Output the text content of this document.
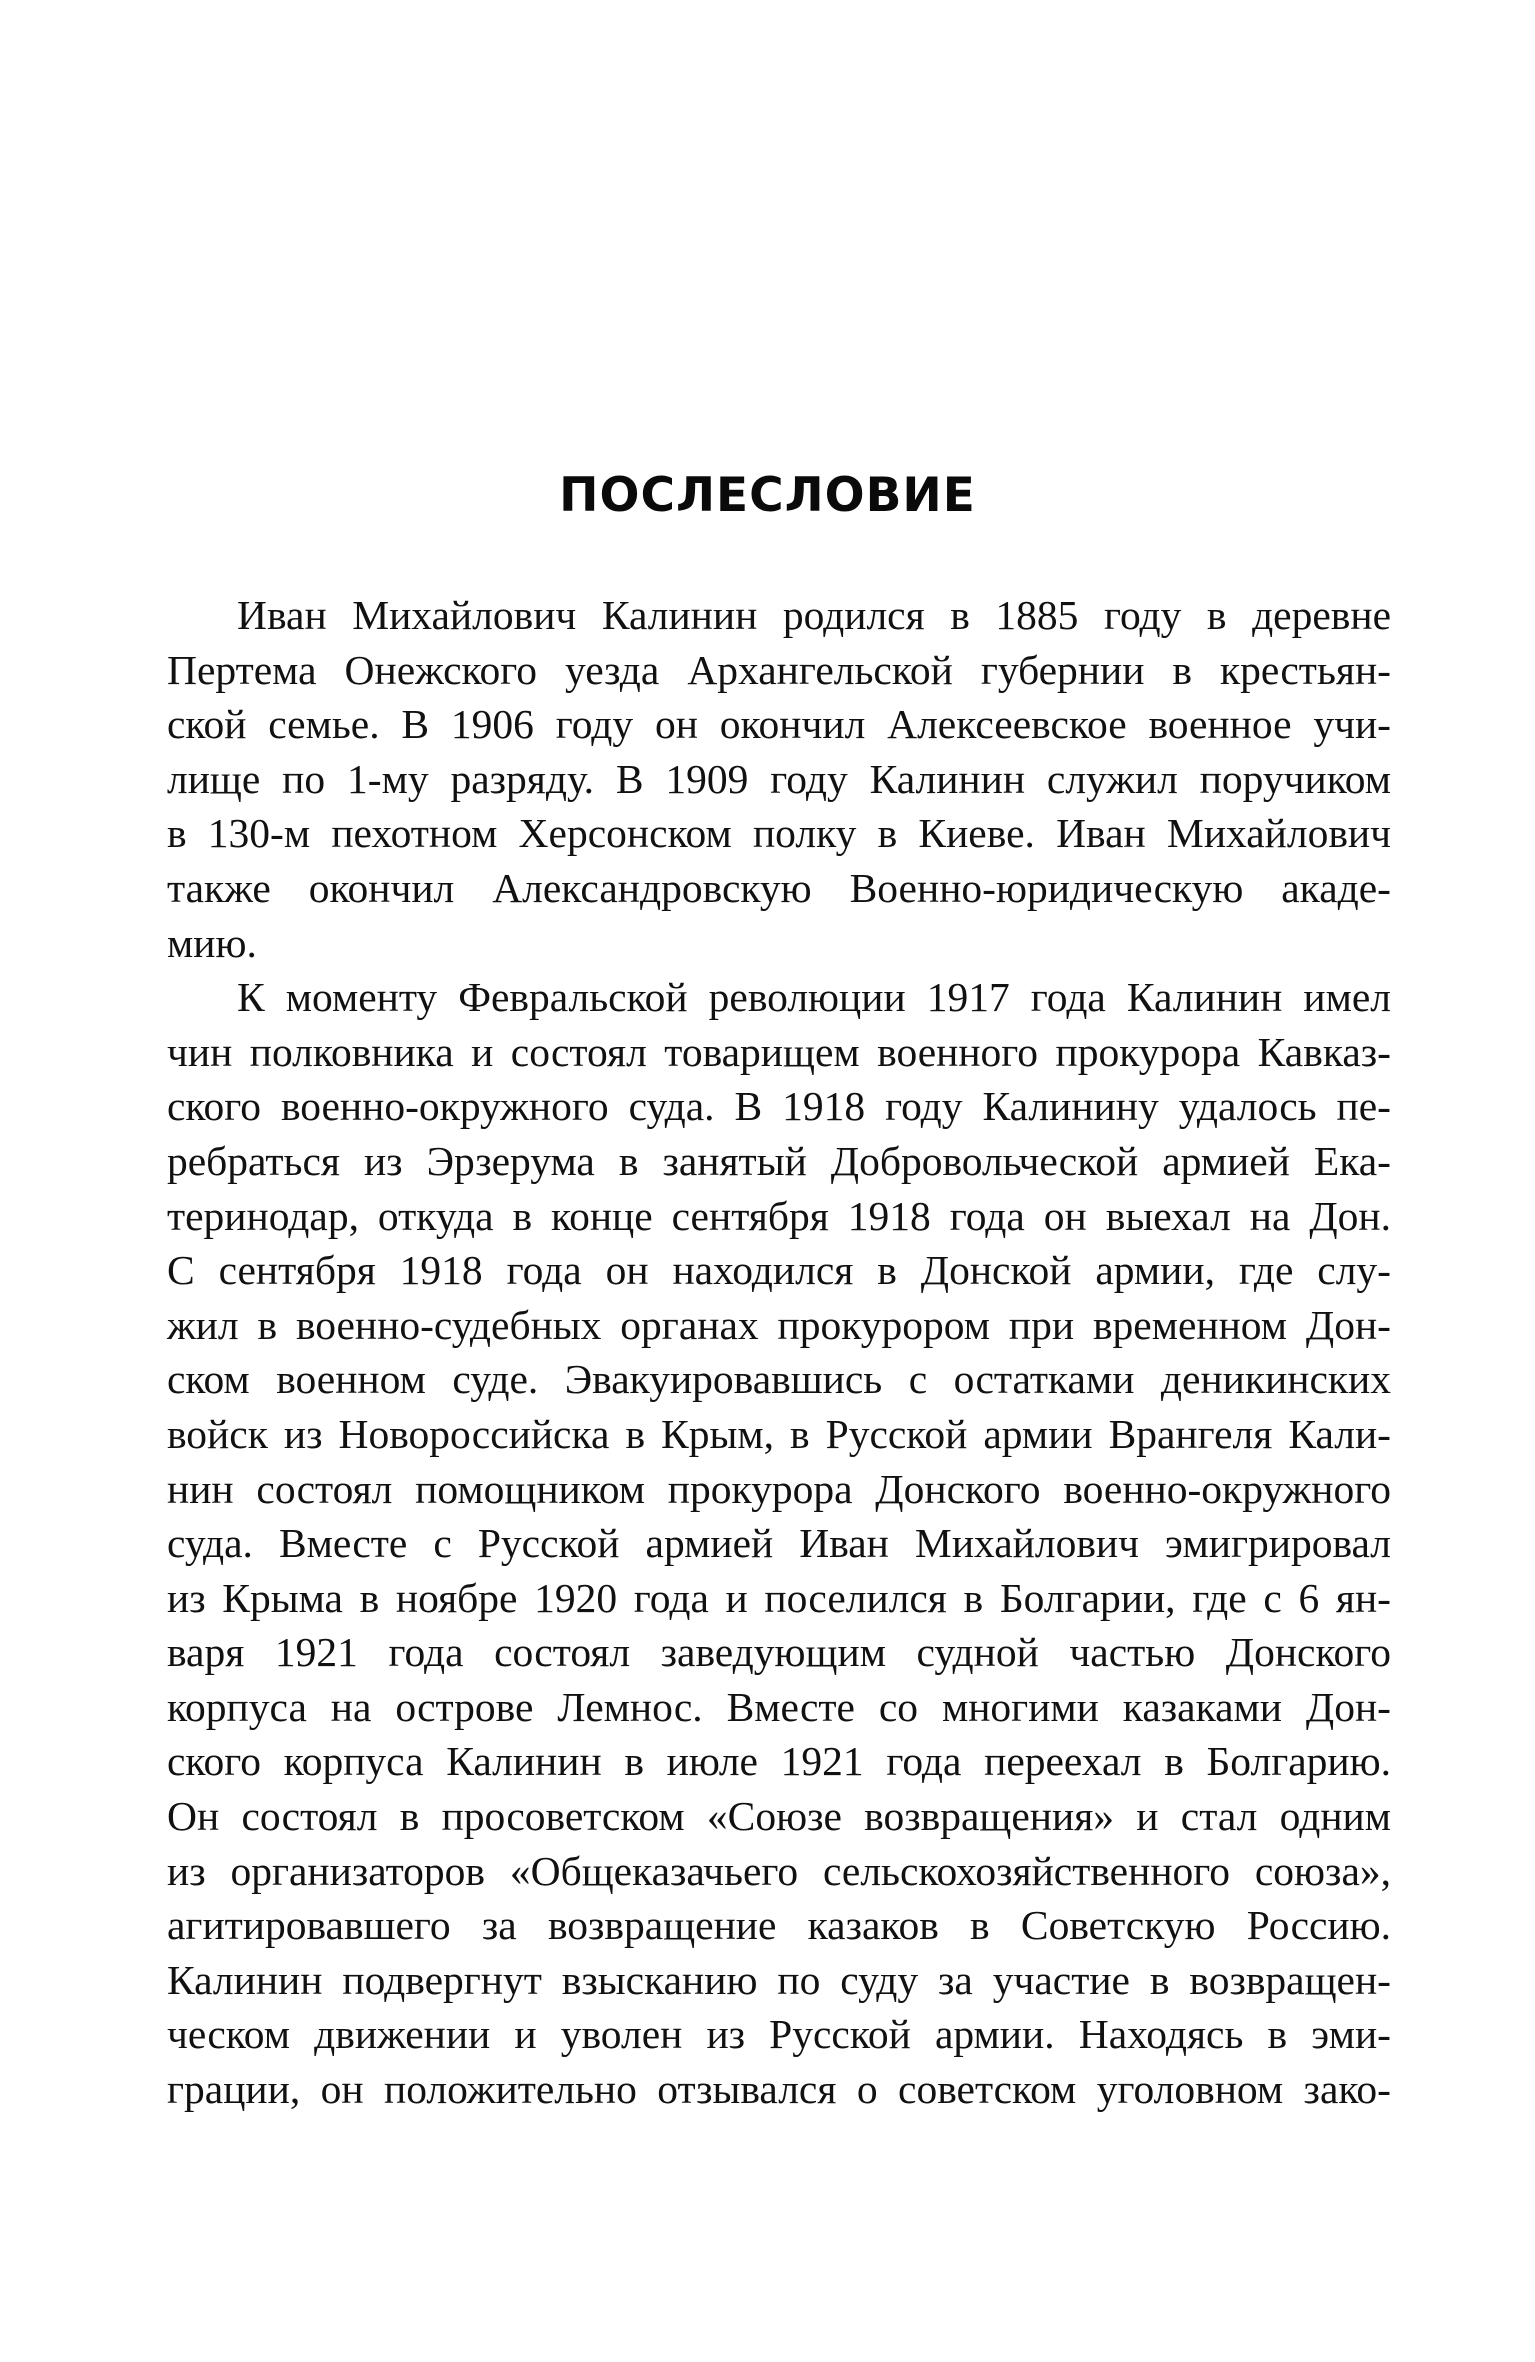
ПОСЛЕСЛОВИЕ
Иван Михайлович Калинин родился в 1885 году в деревне
Пертема Онежского уезда Архангельской губернии в крестьян-
ской семье. В 1906 году он окончил Алексеевское военное учи-
лище по 1-му разряду. В 1909 году Калинин служил поручиком
в 130-м пехотном Херсонском полку в Киеве. Иван Михайлович
также окончил Александровскую Военно-юридическую акаде-
мию.
К моменту Февральской революции 1917 года Калинин имел
чин полковника и состоял товарищем военного прокурора Кавказ-
ского военно-окружного суда. В 1918 году Калинину удалось пе-
ребраться из Эрзерума в занятый Добровольческой армией Ека-
теринодар, откуда в конце сентября 1918 года он выехал на Дон.
С сентября 1918 года он находился в Донской армии, где слу-
жил в военно-судебных органах прокурором при временном Дон-
ском военном суде. Эвакуировавшись с остатками деникинских
войск из Новороссийска в Крым, в Русской армии Врангеля Кали-
нин состоял помощником прокурора Донского военно-окружного
суда. Вместе с Русской армией Иван Михайлович эмигрировал
из Крыма в ноябре 1920 года и поселился в Болгарии, где с 6 ян-
варя 1921 года состоял заведующим судной частью Донского
корпуса на острове Лемнос. Вместе со многими казаками Дон-
ского корпуса Калинин в июле 1921 года переехал в Болгарию.
Он состоял в просоветском «Союзе возвращения» и стал одним
из организаторов «Общеказачьего сельскохозяйственного союза»,
агитировавшего за возвращение казаков в Советскую Россию.
Калинин подвергнут взысканию по суду за участие в возвращен-
ческом движении и уволен из Русской армии. Находясь в эми-
грации, он положительно отзывался о советском уголовном зако-
